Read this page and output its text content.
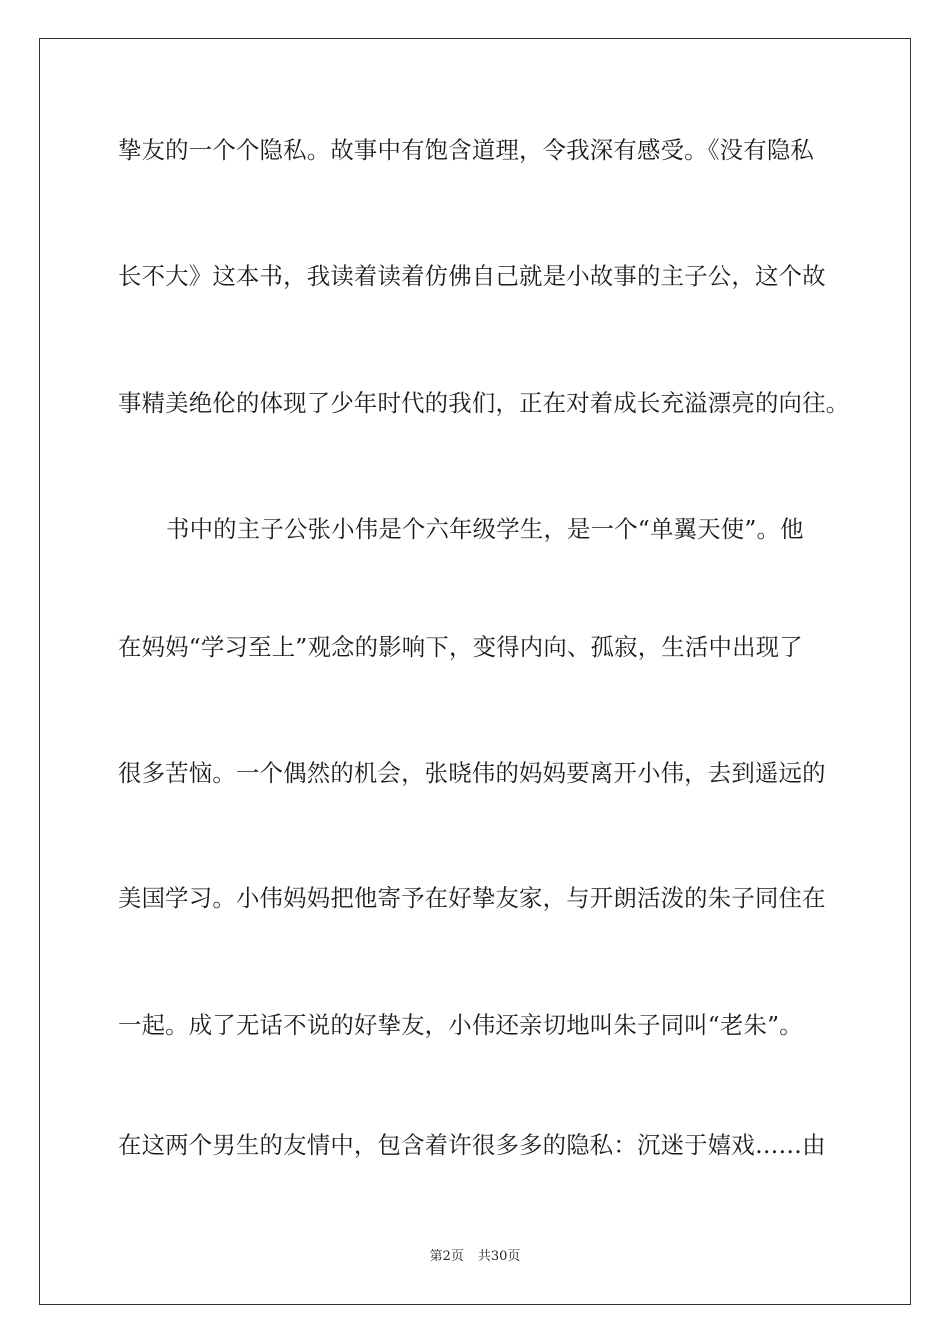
挚友的一个个隐私。故事中有饱含道理，令我深有感受。《没有隐私
长不大》这本书，我读着读着仿佛自己就是小故事的主子公，这个故
事精美绝伦的体现了少年时代的我们，正在对着成长充溢漂亮的向往。
书中的主子公张小伟是个六年级学生，是一个“单翼天使”。他
在妈妈“学习至上”观念的影响下，变得内向、孤寂，生活中出现了
很多苦恼。一个偶然的机会，张晓伟的妈妈要离开小伟，去到遥远的
美国学习。小伟妈妈把他寄予在好挚友家，与开朗活泼的朱子同住在
一起。成了无话不说的好挚友，小伟还亲切地叫朱子同叫“老朱”。
在这两个男生的友情中，包含着许很多多的隐私：沉迷于嬉戏……由
第2页 共30页
